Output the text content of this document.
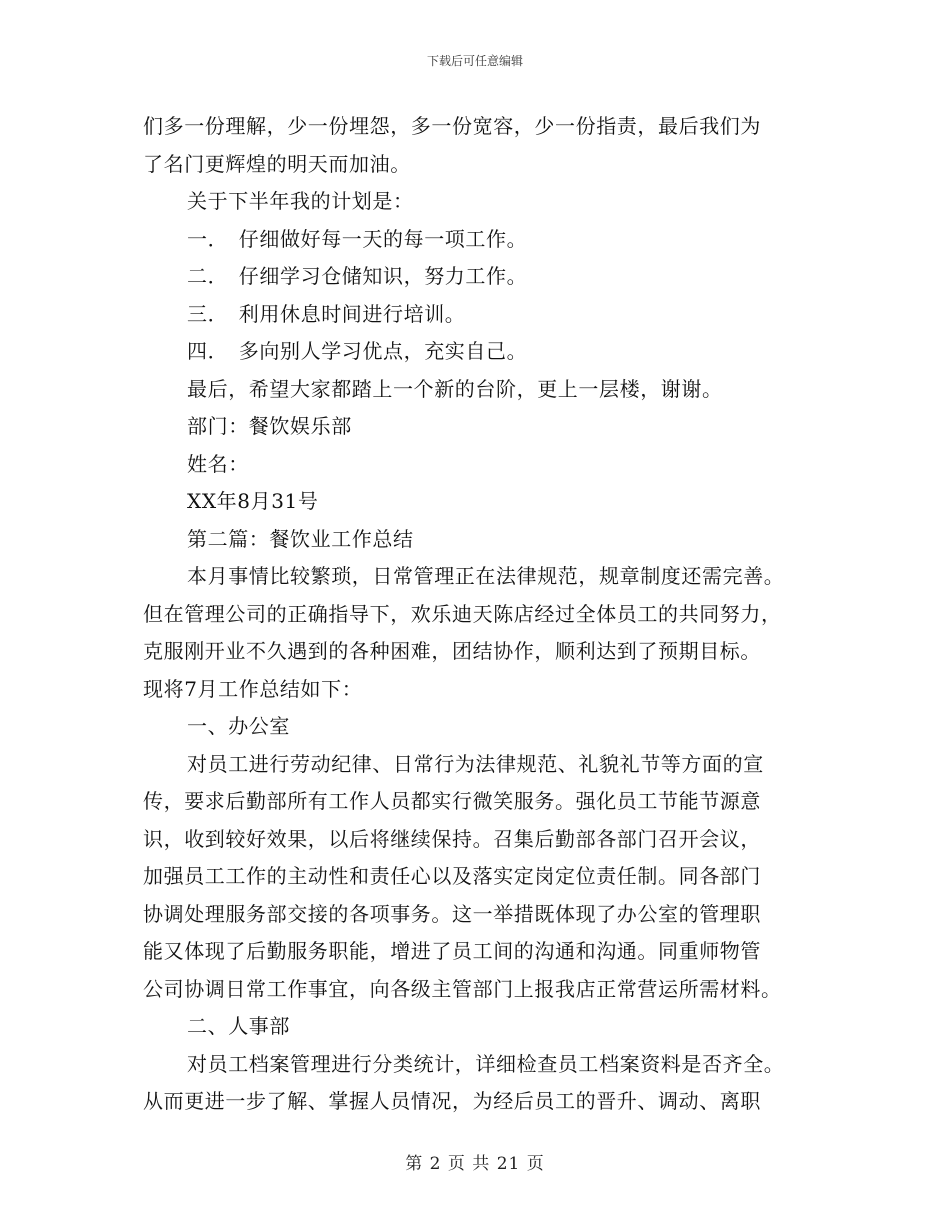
下载后可任意编辑
们多一份理解，少一份埋怨，多一份宽容，少一份指责，最后我们为
了名门更辉煌的明天而加油。
关于下半年我的计划是：
一．　仔细做好每一天的每一项工作。
二．　仔细学习仓储知识，努力工作。
三．　利用休息时间进行培训。
四．　多向别人学习优点，充实自己。
最后，希望大家都踏上一个新的台阶，更上一层楼，谢谢。
部门：餐饮娱乐部
姓名：
XX年8月31号
第二篇：餐饮业工作总结
本月事情比较繁琐，日常管理正在法律规范，规章制度还需完善。
但在管理公司的正确指导下，欢乐迪天陈店经过全体员工的共同努力，
克服刚开业不久遇到的各种困难，团结协作，顺利达到了预期目标。
现将7月工作总结如下：
一、办公室
对员工进行劳动纪律、日常行为法律规范、礼貌礼节等方面的宣
传，要求后勤部所有工作人员都实行微笑服务。强化员工节能节源意
识，收到较好效果，以后将继续保持。召集后勤部各部门召开会议，
加强员工工作的主动性和责任心以及落实定岗定位责任制。同各部门
协调处理服务部交接的各项事务。这一举措既体现了办公室的管理职
能又体现了后勤服务职能，增进了员工间的沟通和沟通。同重师物管
公司协调日常工作事宜，向各级主管部门上报我店正常营运所需材料。
二、人事部
对员工档案管理进行分类统计，详细检查员工档案资料是否齐全。
从而更进一步了解、掌握人员情况，为经后员工的晋升、调动、离职
第 2 页 共 21 页
